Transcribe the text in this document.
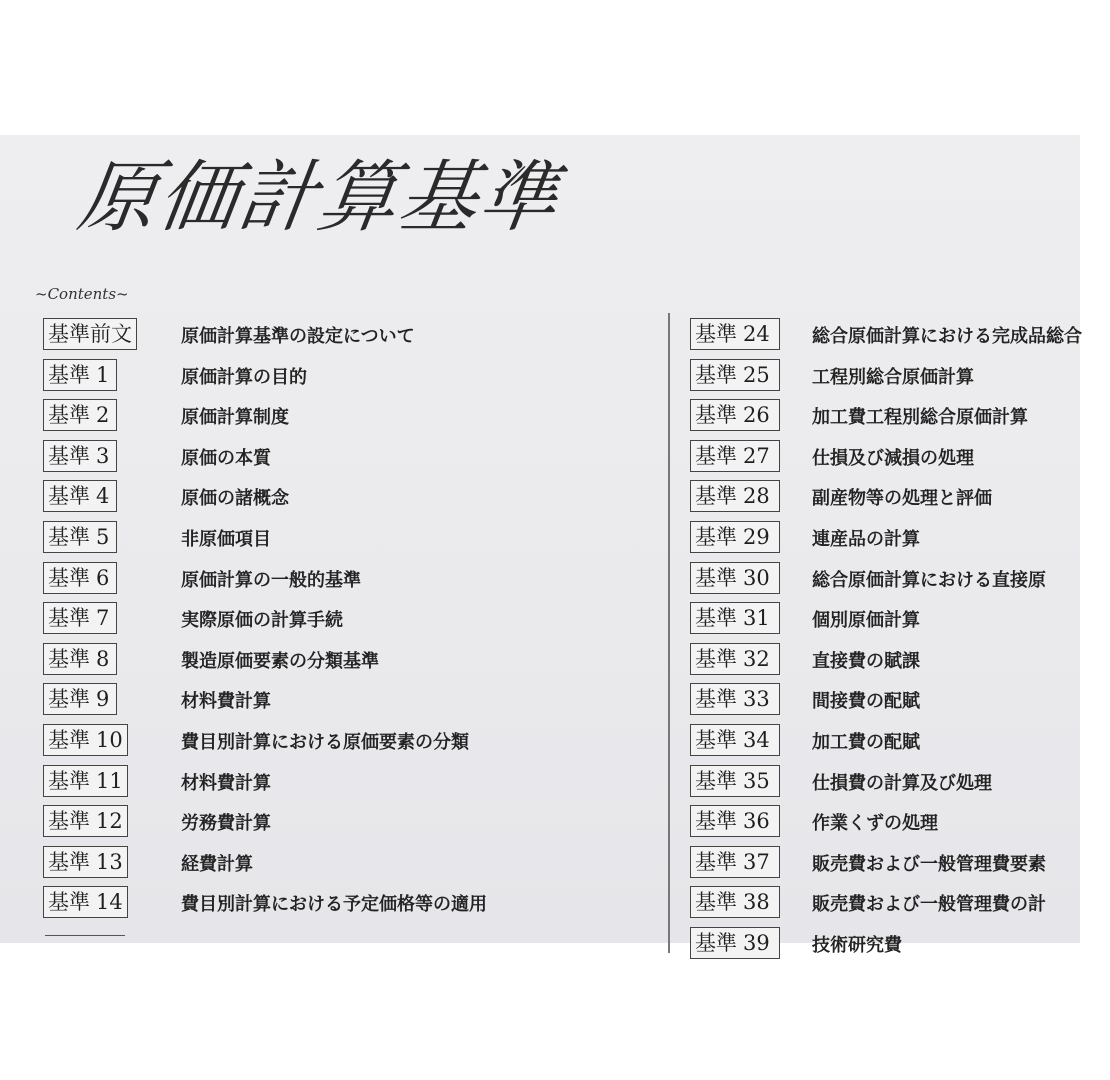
原価計算基準
~Contents~
基準前文	原価計算基準の設定について
基準 1	原価計算の目的
基準 2	原価計算制度
基準 3	原価の本質
基準 4	原価の諸概念
基準 5	非原価項目
基準 6	原価計算の一般的基準
基準 7	実際原価の計算手続
基準 8	製造原価要素の分類基準
基準 9	材料費計算
基準 10	費目別計算における原価要素の分類
基準 11	材料費計算
基準 12	労務費計算
基準 13	経費計算
基準 14	費目別計算における予定価格等の適用
基準 24	総合原価計算における完成品総合
基準 25	工程別総合原価計算
基準 26	加工費工程別総合原価計算
基準 27	仕損及び減損の処理
基準 28	副産物等の処理と評価
基準 29	連産品の計算
基準 30	総合原価計算における直接原
基準 31	個別原価計算
基準 32	直接費の賦課
基準 33	間接費の配賦
基準 34	加工費の配賦
基準 35	仕損費の計算及び処理
基準 36	作業くずの処理
基準 37	販売費および一般管理費要素
基準 38	販売費および一般管理費の計
基準 39	技術研究費
